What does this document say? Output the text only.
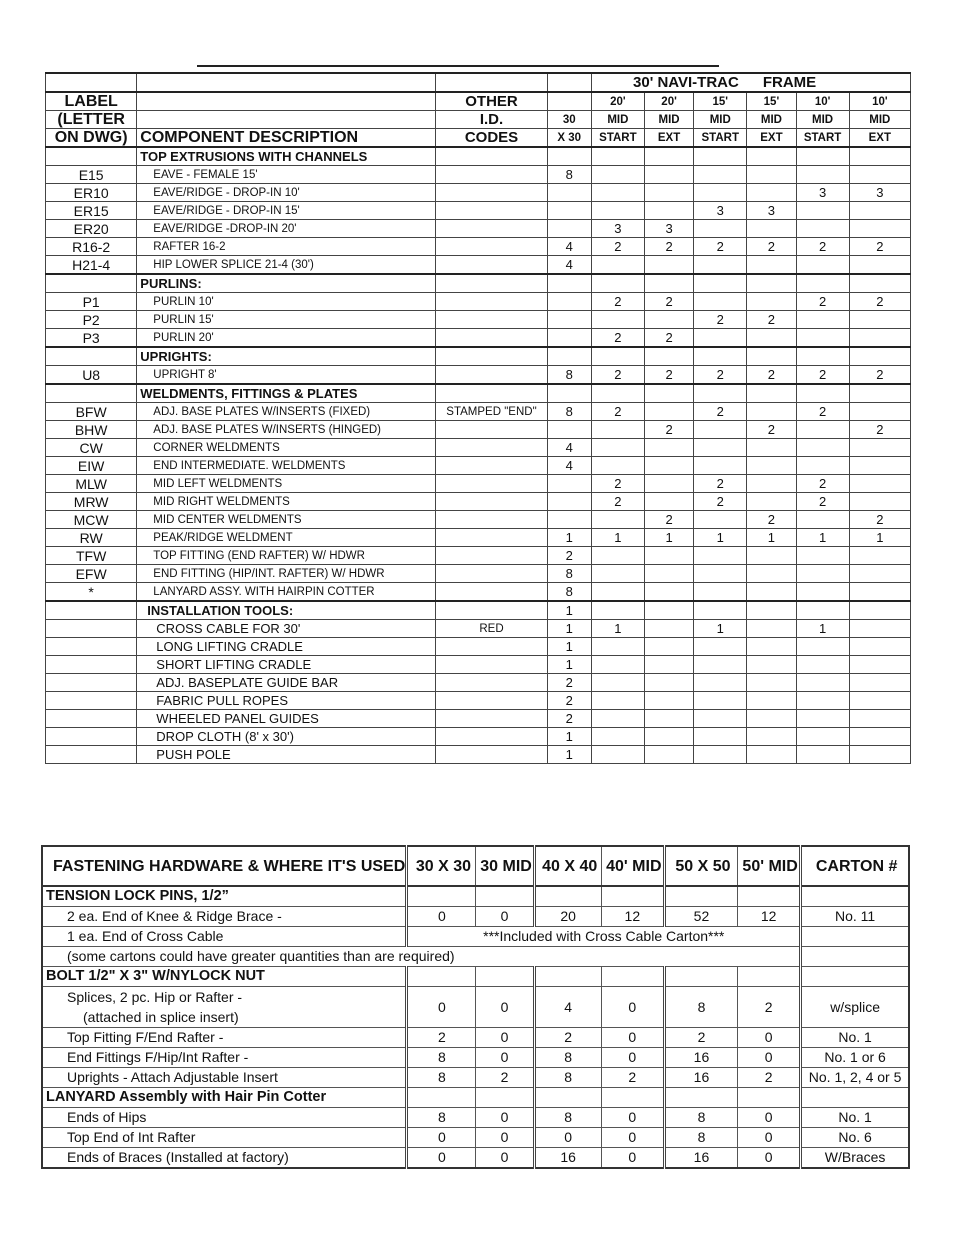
				30' NAVI-TRAC			FRAME		
LABEL		OTHER		20'	20'	15'	15'	10'	10'
(LETTER		I.D.	30	MID	MID	MID	MID	MID	MID
ON DWG)	COMPONENT DESCRIPTION	CODES	X 30	START	EXT	START	EXT	START	EXT
	TOP EXTRUSIONS WITH CHANNELS								
E15	EAVE - FEMALE 15'		8						
ER10	EAVE/RIDGE - DROP-IN 10'							3	3
ER15	EAVE/RIDGE - DROP-IN 15'					3	3		
ER20	EAVE/RIDGE -DROP-IN 20'			3	3				
R16-2	RAFTER 16-2		4	2	2	2	2	2	2
H21-4	HIP LOWER SPLICE 21-4 (30')		4						
	PURLINS:								
P1	PURLIN 10'			2	2			2	2
P2	PURLIN 15'					2	2		
P3	PURLIN 20'			2	2				
	UPRIGHTS:								
U8	UPRIGHT 8'		8	2	2	2	2	2	2
	WELDMENTS, FITTINGS & PLATES								
BFW	ADJ. BASE PLATES W/INSERTS (FIXED)	STAMPED "END"	8	2		2		2	
BHW	ADJ. BASE PLATES W/INSERTS (HINGED)				2		2		2
CW	CORNER WELDMENTS		4						
EIW	END INTERMEDIATE. WELDMENTS		4						
MLW	MID LEFT WELDMENTS			2		2		2	
MRW	MID RIGHT WELDMENTS			2		2		2	
MCW	MID CENTER WELDMENTS				2		2		2
RW	PEAK/RIDGE WELDMENT		1	1	1	1	1	1	1
TFW	TOP FITTING (END RAFTER) W/ HDWR		2						
EFW	END FITTING (HIP/INT. RAFTER) W/ HDWR		8						
*	LANYARD ASSY. WITH HAIRPIN COTTER		8						
	INSTALLATION TOOLS:		1						
	CROSS CABLE FOR 30'	RED	1	1		1		1	
	LONG LIFTING CRADLE		1						
	SHORT LIFTING CRADLE		1						
	ADJ. BASEPLATE GUIDE BAR		2						
	FABRIC PULL ROPES		2						
	WHEELED PANEL GUIDES		2						
	DROP CLOTH (8' x 30')		1						
	PUSH POLE		1						
FASTENING HARDWARE & WHERE IT'S USED	30 X 30	30 MID	40 X 40	40' MID	50 X 50	50' MID	CARTON #
TENSION LOCK PINS, 1/2”							
2 ea. End of Knee & Ridge Brace -	0	0	20	12	52	12	No. 11
1 ea. End of Cross Cable	***Included with Cross Cable Carton***						
(some cartons could have greater quantities than are required)							
BOLT 1/2" X 3" W/NYLOCK NUT							

Splices, 2 pc. Hip or Rafter -
(attached in splice insert)	0	0	4	0	8	2	w/splice
Top Fitting F/End Rafter -	2	0	2	0	2	0	No. 1
End Fittings F/Hip/Int Rafter -	8	0	8	0	16	0	No. 1 or 6
Uprights - Attach Adjustable Insert	8	2	8	2	16	2	No. 1, 2, 4 or 5
LANYARD Assembly with Hair Pin Cotter							
Ends of Hips	8	0	8	0	8	0	No. 1
Top End of Int Rafter	0	0	0	0	8	0	No. 6
Ends of Braces (Installed at factory)	0	0	16	0	16	0	W/Braces
